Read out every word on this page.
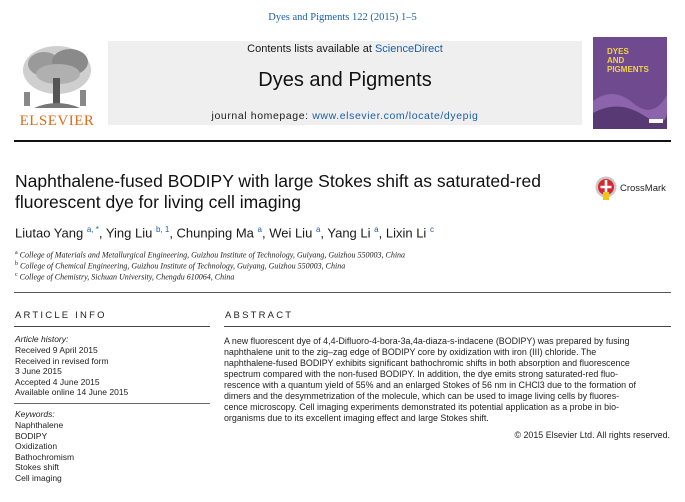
Dyes and Pigments 122 (2015) 1–5
Contents lists available at ScienceDirect
Dyes and Pigments
journal homepage: www.elsevier.com/locate/dyepig
ELSEVIER
DYES
AND
PIGMENTS
Naphthalene-fused BODIPY with large Stokes shift as saturated-red
fluorescent dye for living cell imaging
CrossMark
Liutao Yang $^{a, *}$, Ying Liu $^{b, 1}$, Chunping Ma $^a$, Wei Liu $^a$, Yang Li $^a$, Lixin Li $^c$
$^a$ College of Materials and Metallurgical Engineering, Guizhou Institute of Technology, Guiyang, Guizhou 550003, China
$^b$ College of Chemical Engineering, Guizhou Institute of Technology, Guiyang, Guizhou 550003, China
$^c$ College of Chemistry, Sichuan University, Chengdu 610064, China
ARTICLE INFO	ABSTRACT
Article history:
Received 9 April 2015
Received in revised form
3 June 2015
Accepted 4 June 2015
Available online 14 June 2015
Keywords:
Naphthalene
BODIPY
Oxidization
Bathochromism
Stokes shift
Cell imaging
A new fluorescent dye of 4,4-Difluoro-4-bora-3a,4a-diaza-s-indacene (BODIPY) was prepared by fusing
naphthalene unit to the zig–zag edge of BODIPY core by oxidization with iron (III) chloride. The
naphthalene-fused BODIPY exhibits significant bathochromic shifts in both absorption and fluorescence
spectrum compared with the non-fused BODIPY. In addition, the dye emits strong saturated-red fluo-
rescence with a quantum yield of 55% and an enlarged Stokes of 56 nm in CHCl3 due to the formation of
dimers and the desymmetrization of the molecule, which can be used to image living cells by fluores-
cence microscopy. Cell imaging experiments demonstrated its potential application as a probe in bio-
organisms due to its excellent imaging effect and large Stokes shift.
© 2015 Elsevier Ltd. All rights reserved.
